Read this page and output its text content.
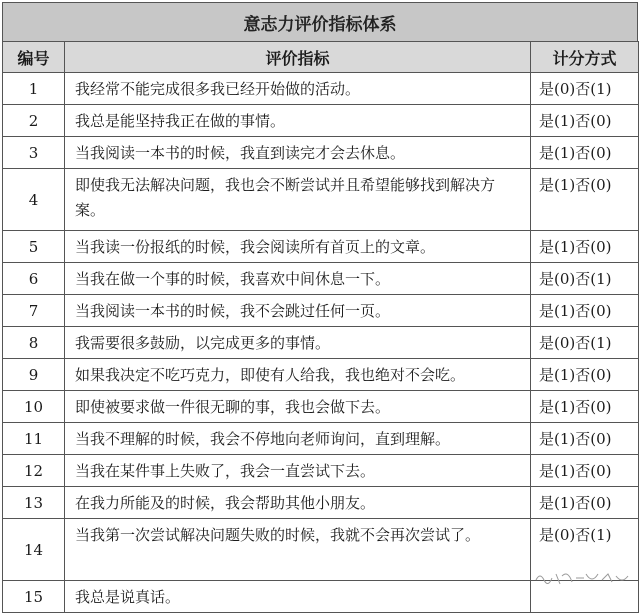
意志力评价指标体系
编号	评价指标	计分方式
1	我经常不能完成很多我已经开始做的活动。	是(0)否(1)
2	我总是能坚持我正在做的事情。	是(1)否(0)
3	当我阅读一本书的时候，我直到读完才会去休息。	是(1)否(0)
4	即使我无法解决问题，我也会不断尝试并且希望能够找到解决方案。	是(1)否(0)
5	当我读一份报纸的时候，我会阅读所有首页上的文章。	是(1)否(0)
6	当我在做一个事的时候，我喜欢中间休息一下。	是(0)否(1)
7	当我阅读一本书的时候，我不会跳过任何一页。	是(1)否(0)
8	我需要很多鼓励，以完成更多的事情。	是(0)否(1)
9	如果我决定不吃巧克力，即使有人给我，我也绝对不会吃。	是(1)否(0)
10	即使被要求做一件很无聊的事，我也会做下去。	是(1)否(0)
11	当我不理解的时候，我会不停地向老师询问，直到理解。	是(1)否(0)
12	当我在某件事上失败了，我会一直尝试下去。	是(1)否(0)
13	在我力所能及的时候，我会帮助其他小朋友。	是(1)否(0)
14	当我第一次尝试解决问题失败的时候，我就不会再次尝试了。	是(0)否(1)
15	我总是说真话。	
